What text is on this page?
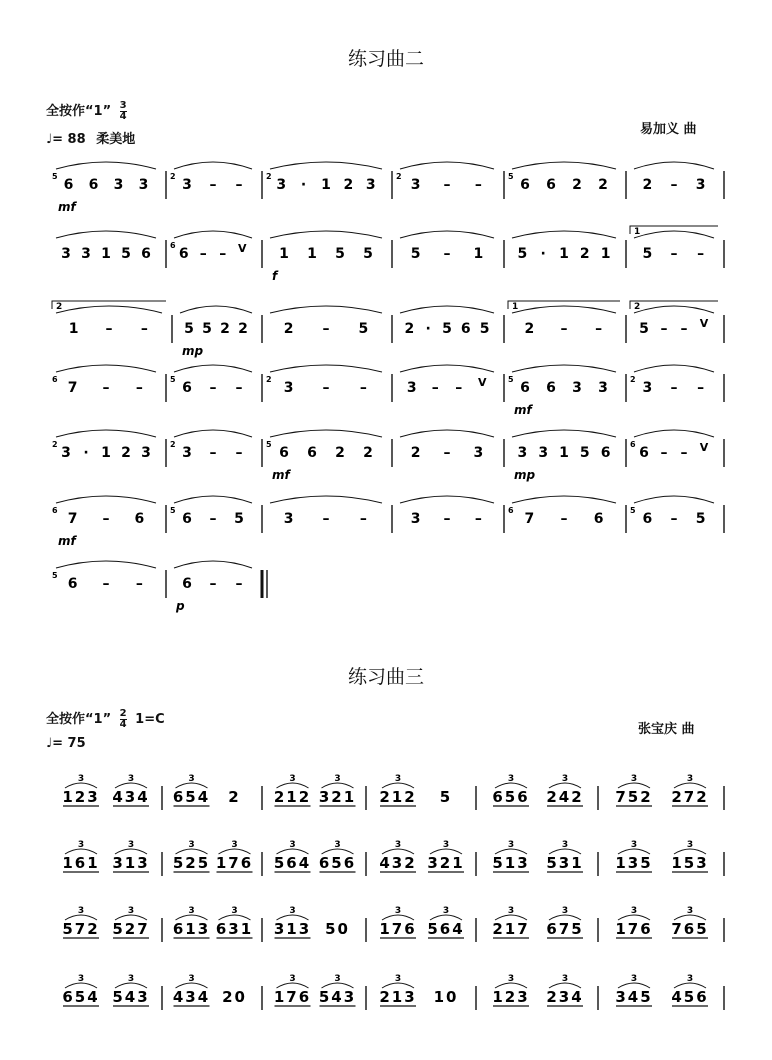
练习曲二
全按作“1” $\frac{3}{4}$
♩= 88 柔美地
易加义 曲
练习曲三
全按作“1” $\frac{2}{4} 1=C$
♩= 75
张宝庆 曲
5
6 6 3 3
mf
2
3 – –
2
3 · 1 2 3
2
3 – –
5
6 6 2 2 2 – 3
3 3 1 5 6
6
6 – – V 1 1 5 5
f
5 – 1 5 · 1 2 1 5 – –
1
1 – –
2
5 5 2 2
mp
2 – 5	2 · 5 6 5 2 – –
1
5 – – V
2
6
7 – –
5
6 – –
2
3 – –	3 – – V	5
6 6 3 3
mf
2
3 – –
2
3 · 1 2 3
2
3 – –
5
6 6 2 2
mf
2 – 3 3 3 1 5 6
mp
6
6 – – V
6
7 – 6
mf
5
6 – 5	3 – –	3 – –
6
7 – 6
5
6 – 5
5
6 – –	6 – –
p
123
3
434
3
654
3
2 212
3
321
3
212
3
5	656
3
242
3
752
3
272
3
161
3
313
3
525
3
176
3
564
3
656
3
432
3
321
3
513
3
531
3
135
3
153
3
572
3
527
3
613
3
631
3
313
3
50 176
3
564
3
217
3
675
3
176
3
765
3
654
3
543
3
434
3
20 176
3
543
3
213
3
10 123
3
234
3
345
3
456
3
